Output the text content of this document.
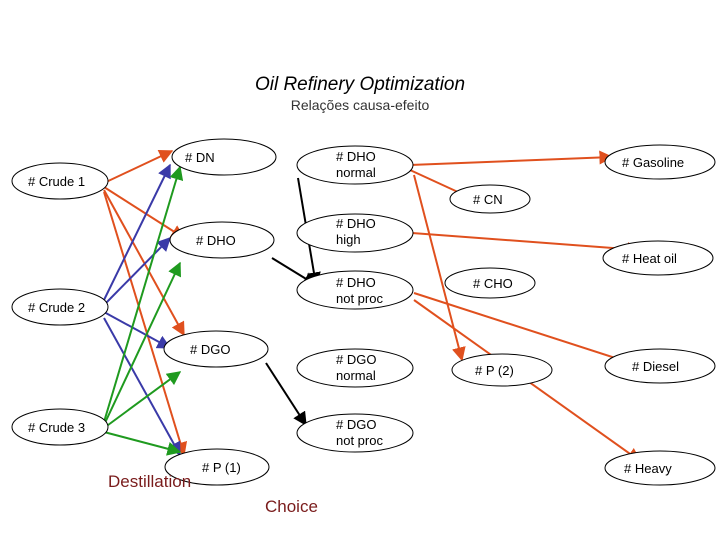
Oil Refinery Optimization
Relações causa-efeito
# Crude 1
# Crude 2
# Crude 3
# DN
# DHO
# DGO
# P (1)
# DHO
normal
# DHO
high
# DHO
not proc
# DGO
normal
# DGO
not proc
# Gasoline
# CN
# Heat oil
# CHO
# P (2)	# Diesel
# Heavy
Destillation
Choice
